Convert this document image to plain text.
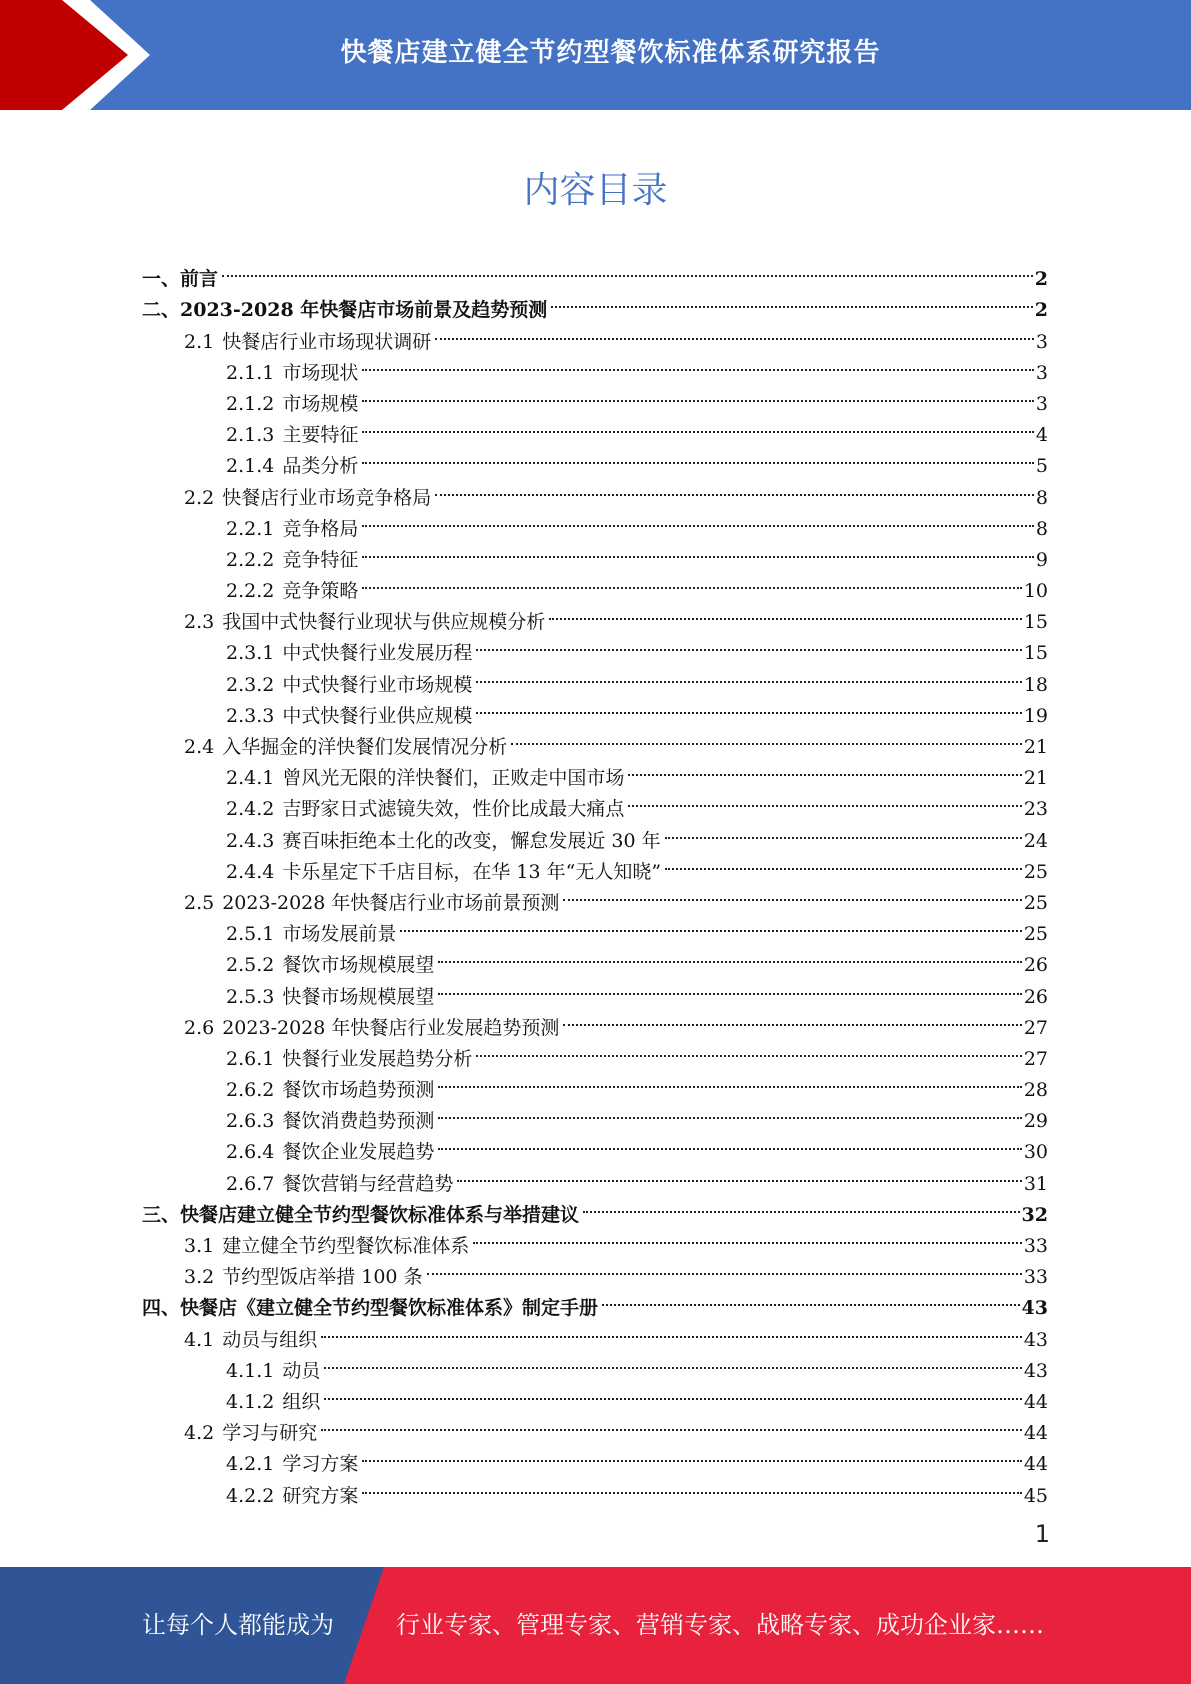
快餐店建立健全节约型餐饮标准体系研究报告
内容目录
一、 前言	2
二、 2023-2028 年快餐店市场前景及趋势预测	2
2.1 快餐店行业市场现状调研	3
2.1.1 市场现状	3
2.1.2 市场规模	3
2.1.3 主要特征	4
2.1.4 品类分析	5
2.2 快餐店行业市场竞争格局	8
2.2.1 竞争格局	8
2.2.2 竞争特征	9
2.2.2 竞争策略	10
2.3 我国中式快餐行业现状与供应规模分析	15
2.3.1 中式快餐行业发展历程	15
2.3.2 中式快餐行业市场规模	18
2.3.3 中式快餐行业供应规模	19
2.4 入华掘金的洋快餐们发展情况分析	21
2.4.1 曾风光无限的洋快餐们，正败走中国市场	21
2.4.2 吉野家日式滤镜失效，性价比成最大痛点	23
2.4.3 赛百味拒绝本土化的改变，懈怠发展近 30 年	24
2.4.4 卡乐星定下千店目标，在华 13 年“无人知晓”	25
2.5 2023-2028 年快餐店行业市场前景预测	25
2.5.1 市场发展前景	25
2.5.2 餐饮市场规模展望	26
2.5.3 快餐市场规模展望	26
2.6 2023-2028 年快餐店行业发展趋势预测	27
2.6.1 快餐行业发展趋势分析	27
2.6.2 餐饮市场趋势预测	28
2.6.3 餐饮消费趋势预测	29
2.6.4 餐饮企业发展趋势	30
2.6.7 餐饮营销与经营趋势	31
三、 快餐店建立健全节约型餐饮标准体系与举措建议	32
3.1 建立健全节约型餐饮标准体系	33
3.2 节约型饭店举措 100 条	33
四、 快餐店《建立健全节约型餐饮标准体系》制定手册	43
4.1 动员与组织	43
4.1.1 动员	43
4.1.2 组织	44
4.2 学习与研究	44
4.2.1 学习方案	44
4.2.2 研究方案	45
1
让每个人都能成为	行业专家、管理专家、营销专家、战略专家、成功企业家……
